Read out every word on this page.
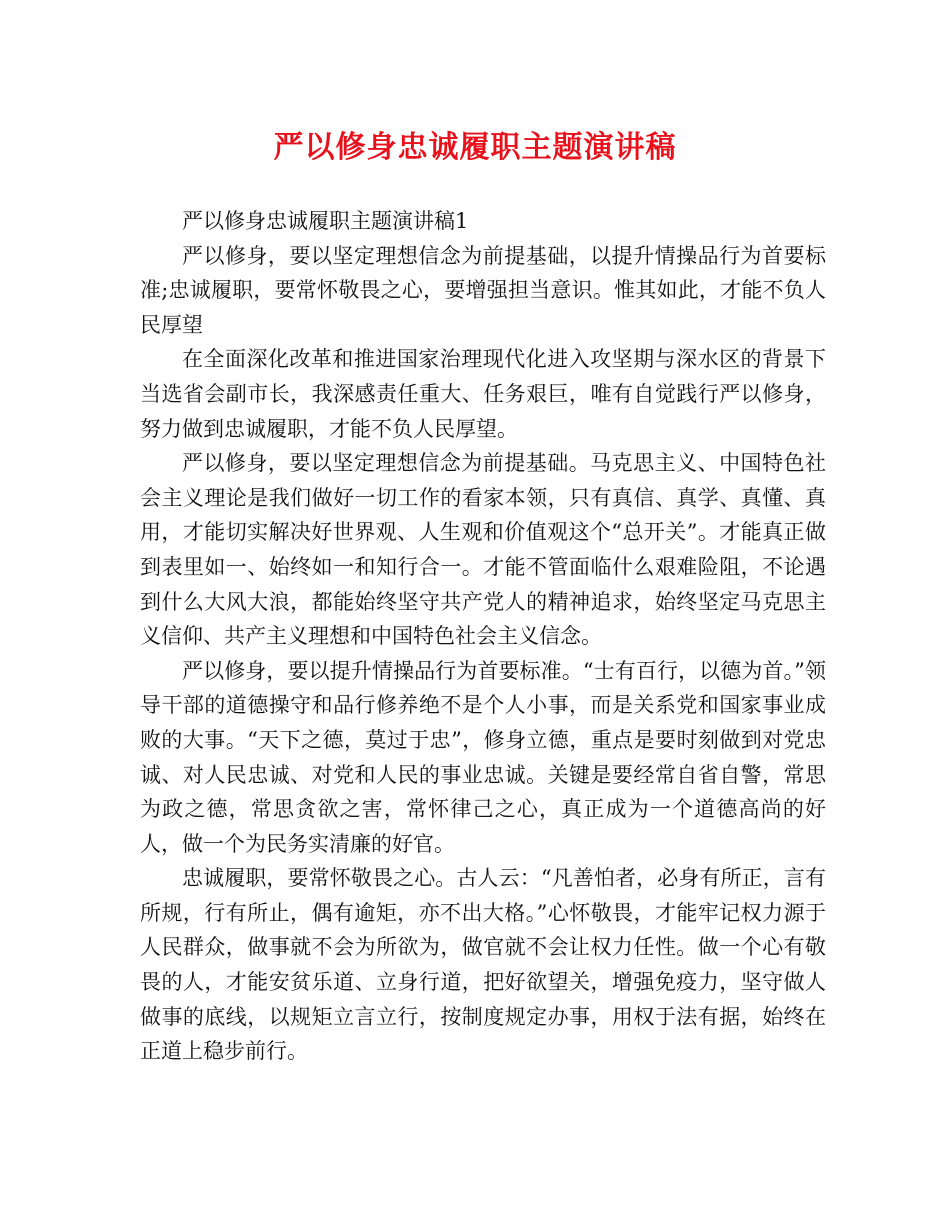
严以修身忠诚履职主题演讲稿

严以修身忠诚履职主题演讲稿1

严以修身，要以坚定理想信念为前提基础，以提升情操品行为首要标准;忠诚履职，要常怀敬畏之心，要增强担当意识。惟其如此，才能不负人民厚望

在全面深化改革和推进国家治理现代化进入攻坚期与深水区的背景下当选省会副市长，我深感责任重大、任务艰巨，唯有自觉践行严以修身，努力做到忠诚履职，才能不负人民厚望。

严以修身，要以坚定理想信念为前提基础。马克思主义、中国特色社会主义理论是我们做好一切工作的看家本领，只有真信、真学、真懂、真用，才能切实解决好世界观、人生观和价值观这个“总开关”。才能真正做到表里如一、始终如一和知行合一。才能不管面临什么艰难险阻，不论遇到什么大风大浪，都能始终坚守共产党人的精神追求，始终坚定马克思主义信仰、共产主义理想和中国特色社会主义信念。

严以修身，要以提升情操品行为首要标准。“士有百行，以德为首。”领导干部的道德操守和品行修养绝不是个人小事，而是关系党和国家事业成败的大事。“天下之德，莫过于忠”，修身立德，重点是要时刻做到对党忠诚、对人民忠诚、对党和人民的事业忠诚。关键是要经常自省自警，常思为政之德，常思贪欲之害，常怀律己之心，真正成为一个道德高尚的好人，做一个为民务实清廉的好官。

忠诚履职，要常怀敬畏之心。古人云：“凡善怕者，必身有所正，言有所规，行有所止，偶有逾矩，亦不出大格。”心怀敬畏，才能牢记权力源于人民群众，做事就不会为所欲为，做官就不会让权力任性。做一个心有敬畏的人，才能安贫乐道、立身行道，把好欲望关，增强免疫力，坚守做人做事的底线，以规矩立言立行，按制度规定办事，用权于法有据，始终在正道上稳步前行。
